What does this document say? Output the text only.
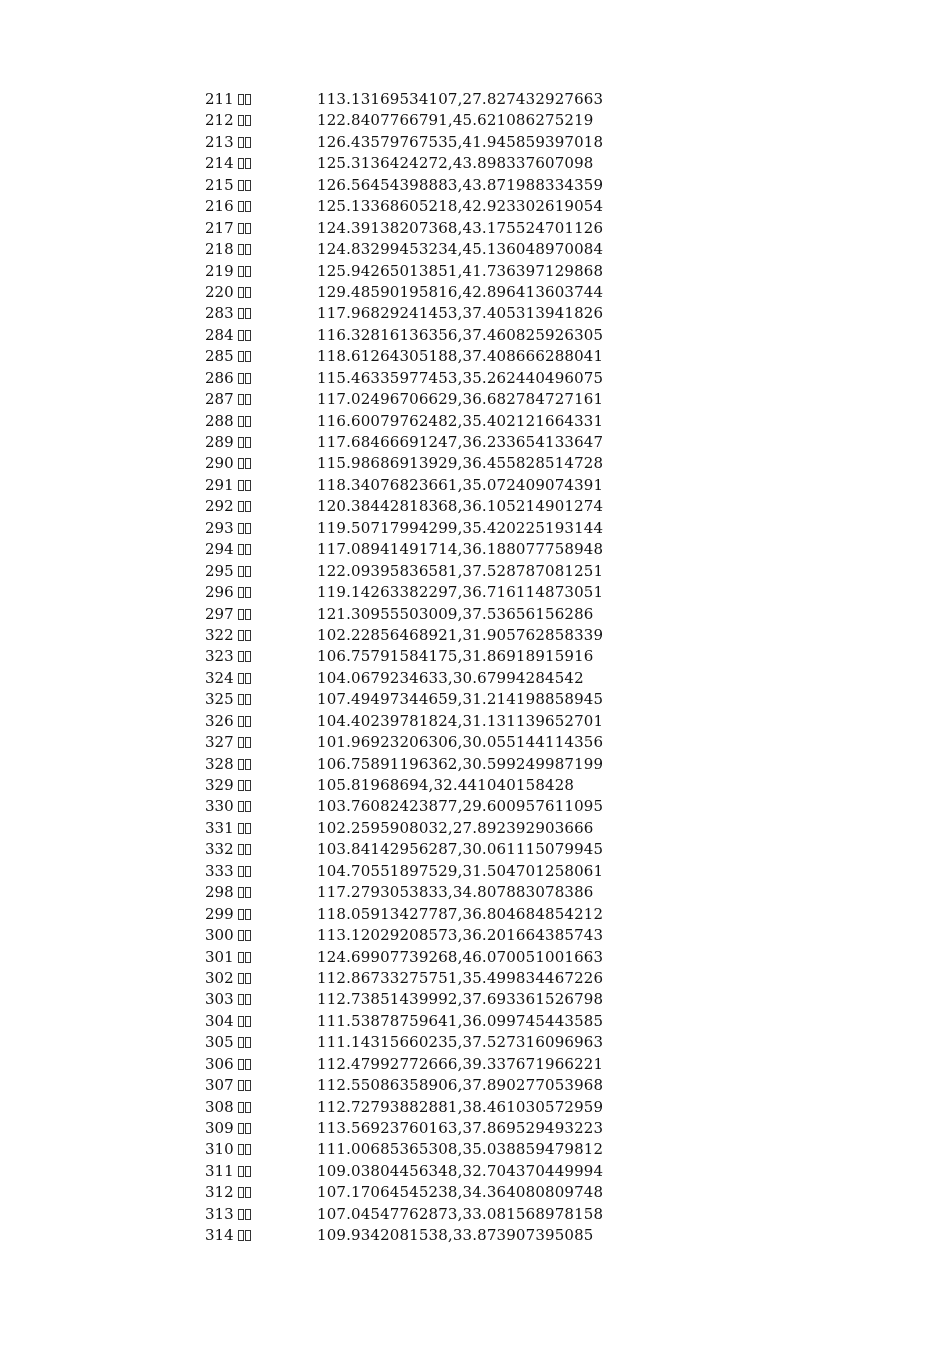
211	113.13169534107,27.827432927663
212	122.8407766791,45.621086275219
213	126.43579767535,41.945859397018
214	125.3136424272,43.898337607098
215	126.56454398883,43.871988334359
216	125.13368605218,42.923302619054
217	124.39138207368,43.175524701126
218	124.83299453234,45.136048970084
219	125.94265013851,41.736397129868
220	129.48590195816,42.896413603744
283	117.96829241453,37.405313941826
284	116.32816136356,37.460825926305
285	118.61264305188,37.408666288041
286	115.46335977453,35.262440496075
287	117.02496706629,36.682784727161
288	116.60079762482,35.402121664331
289	117.68466691247,36.233654133647
290	115.98686913929,36.455828514728
291	118.34076823661,35.072409074391
292	120.38442818368,36.105214901274
293	119.50717994299,35.420225193144
294	117.08941491714,36.188077758948
295	122.09395836581,37.528787081251
296	119.14263382297,36.716114873051
297	121.30955503009,37.53656156286
322	102.22856468921,31.905762858339
323	106.75791584175,31.86918915916
324	104.0679234633,30.67994284542
325	107.49497344659,31.214198858945
326	104.40239781824,31.131139652701
327	101.96923206306,30.055144114356
328	106.75891196362,30.599249987199
329	105.81968694,32.441040158428
330	103.76082423877,29.600957611095
331	102.2595908032,27.892392903666
332	103.84142956287,30.061115079945
333	104.70551897529,31.504701258061
298	117.2793053833,34.807883078386
299	118.05913427787,36.804684854212
300	113.12029208573,36.201664385743
301	124.69907739268,46.070051001663
302	112.86733275751,35.499834467226
303	112.73851439992,37.693361526798
304	111.53878759641,36.099745443585
305	111.14315660235,37.527316096963
306	112.47992772666,39.337671966221
307	112.55086358906,37.890277053968
308	112.72793882881,38.461030572959
309	113.56923760163,37.869529493223
310	111.00685365308,35.038859479812
311	109.03804456348,32.704370449994
312	107.17064545238,34.364080809748
313	107.04547762873,33.081568978158
314	109.9342081538,33.873907395085
